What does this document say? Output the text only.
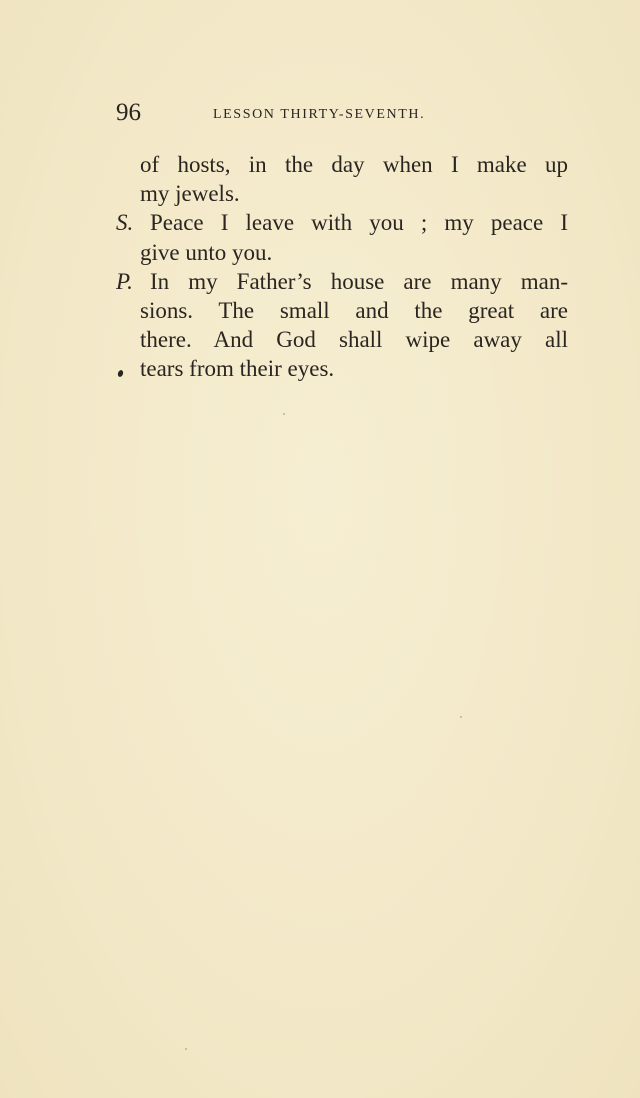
96	LESSON THIRTY-SEVENTH.
of hosts, in the day when I make up
my jewels.
S. Peace I leave with you ; my peace I
give unto you.
P. In my Father’s house are many man-
sions. The small and the great are
there. And God shall wipe away all
tears from their eyes.
